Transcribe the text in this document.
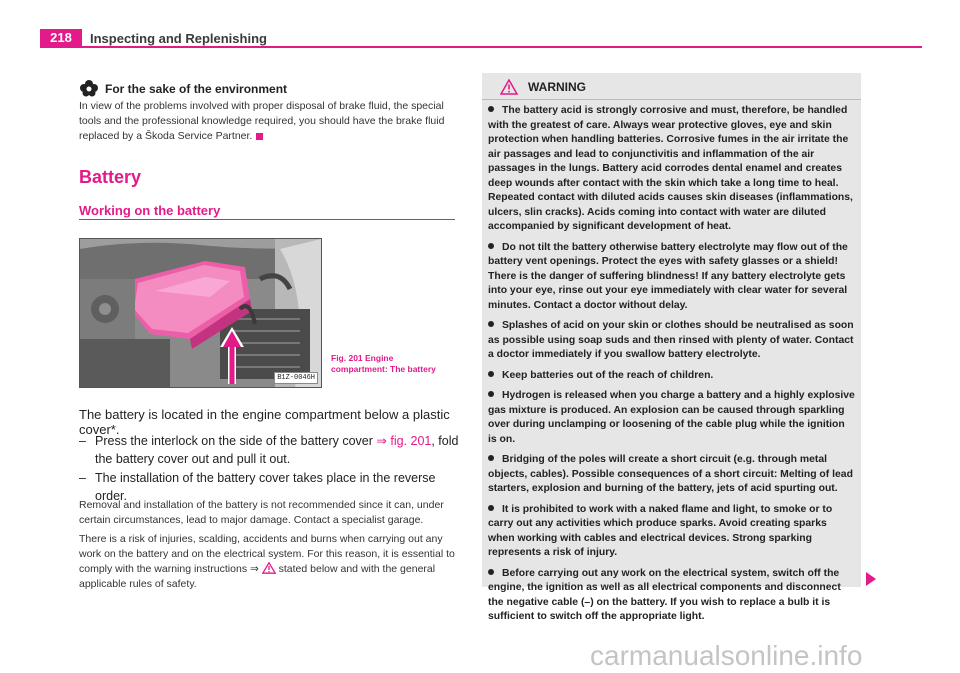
218	Inspecting and Replenishing
For the sake of the environment
In view of the problems involved with proper disposal of brake fluid, the special tools and the professional knowledge required, you should have the brake fluid replaced by a Škoda Service Partner.
Battery
Working on the battery
B1Z-0046H
Fig. 201 Engine compartment: The battery
The battery is located in the engine compartment below a plastic cover*.
– Press the interlock on the side of the battery cover ⇒ fig. 201, fold the battery cover out and pull it out.
– The installation of the battery cover takes place in the reverse order.
Removal and installation of the battery is not recommended since it can, under certain circumstances, lead to major damage. Contact a specialist garage.
There is a risk of injuries, scalding, accidents and burns when carrying out any work on the battery and on the electrical system. For this reason, it is essential to comply with the warning instructions ⇒  stated below and with the general applicable rules of safety.
WARNING
The battery acid is strongly corrosive and must, therefore, be handled with the greatest of care. Always wear protective gloves, eye and skin protection when handling batteries. Corrosive fumes in the air irritate the air passages and lead to conjunctivitis and inflammation of the air passages in the lungs. Battery acid corrodes dental enamel and creates deep wounds after contact with the skin which take a long time to heal. Repeated contact with diluted acids causes skin diseases (inflammations, ulcers, slin cracks). Acids coming into contact with water are diluted accompanied by significant development of heat.
Do not tilt the battery otherwise battery electrolyte may flow out of the battery vent openings. Protect the eyes with safety glasses or a shield! There is the danger of suffering blindness! If any battery electrolyte gets into your eye, rinse out your eye immediately with clear water for several minutes. Contact a doctor without delay.
Splashes of acid on your skin or clothes should be neutralised as soon as possible using soap suds and then rinsed with plenty of water. Contact a doctor immediately if you swallow battery electrolyte.
Keep batteries out of the reach of children.
Hydrogen is released when you charge a battery and a highly explosive gas mixture is produced. An explosion can be caused through sparkling over during unclamping or loosening of the cable plug while the ignition is on.
Bridging of the poles will create a short circuit (e.g. through metal objects, cables). Possible consequences of a short circuit: Melting of lead starters, explosion and burning of the battery, jets of acid spurting out.
It is prohibited to work with a naked flame and light, to smoke or to carry out any activities which produce sparks. Avoid creating sparks when working with cables and electrical devices. Strong sparking represents a risk of injury.
Before carrying out any work on the electrical system, switch off the engine, the ignition as well as all electrical components and disconnect the negative cable (–) on the battery. If you wish to replace a bulb it is sufficient to switch off the appropriate light.
carmanualsonline.info
